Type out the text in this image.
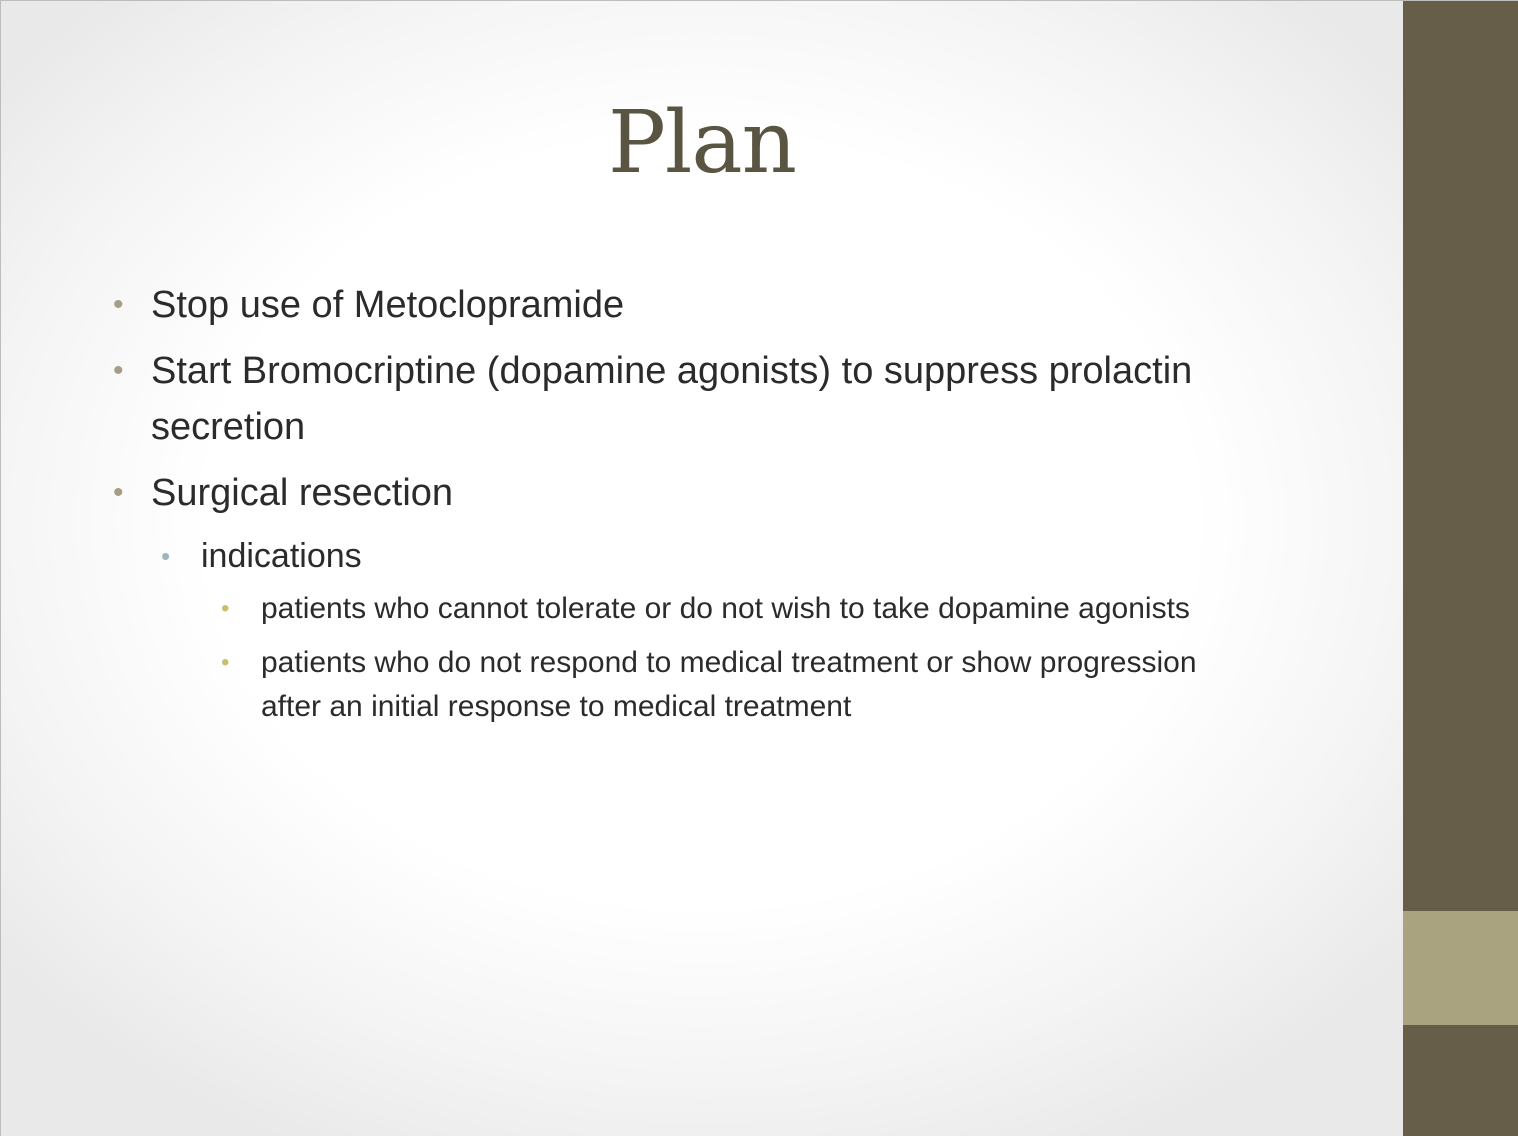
Plan
• Stop use of Metoclopramide
• Start Bromocriptine (dopamine agonists) to suppress prolactin secretion
• Surgical resection
• indications
• patients who cannot tolerate or do not wish to take dopamine agonists
• patients who do not respond to medical treatment or show progression after an initial response to medical treatment
